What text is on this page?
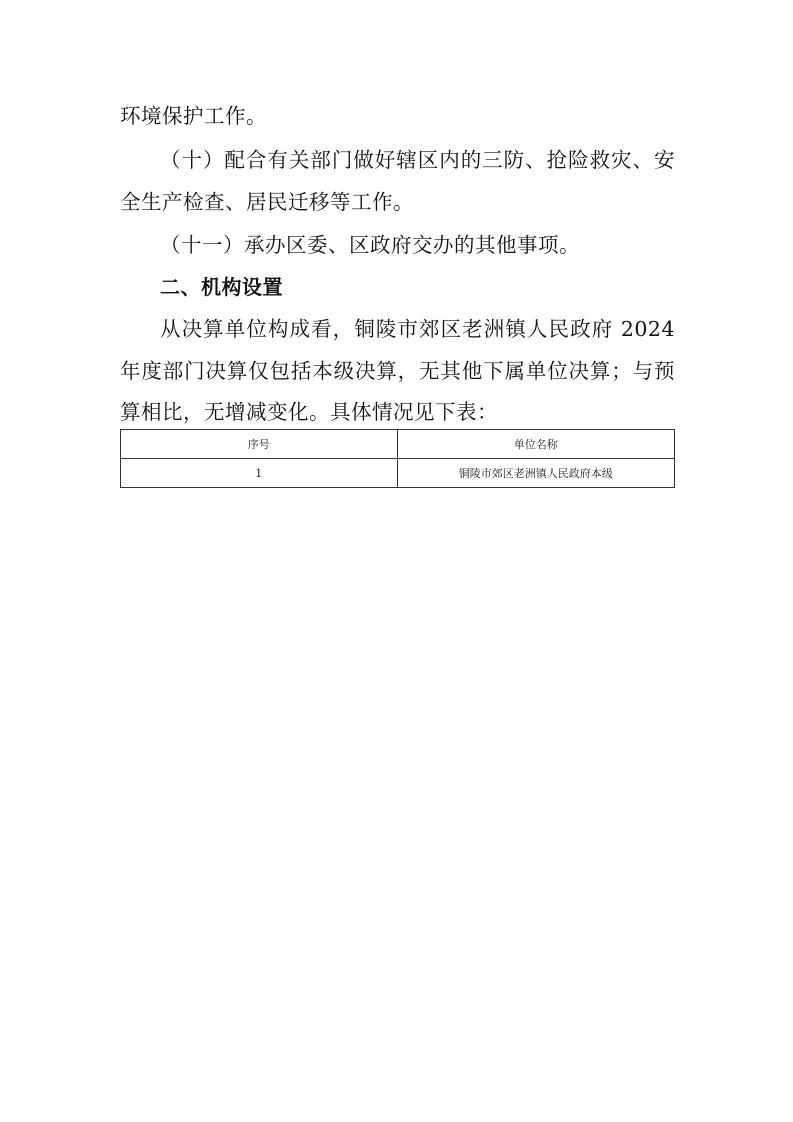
环境保护工作。
（十）配合有关部门做好辖区内的三防、抢险救灾、安
全生产检查、居民迁移等工作。
（十一）承办区委、区政府交办的其他事项。
二、机构设置
从决算单位构成看，铜陵市郊区老洲镇人民政府 2024
年度部门决算仅包括本级决算，无其他下属单位决算；与预
算相比，无增减变化。具体情况见下表：
序号	单位名称
1	铜陵市郊区老洲镇人民政府本级
